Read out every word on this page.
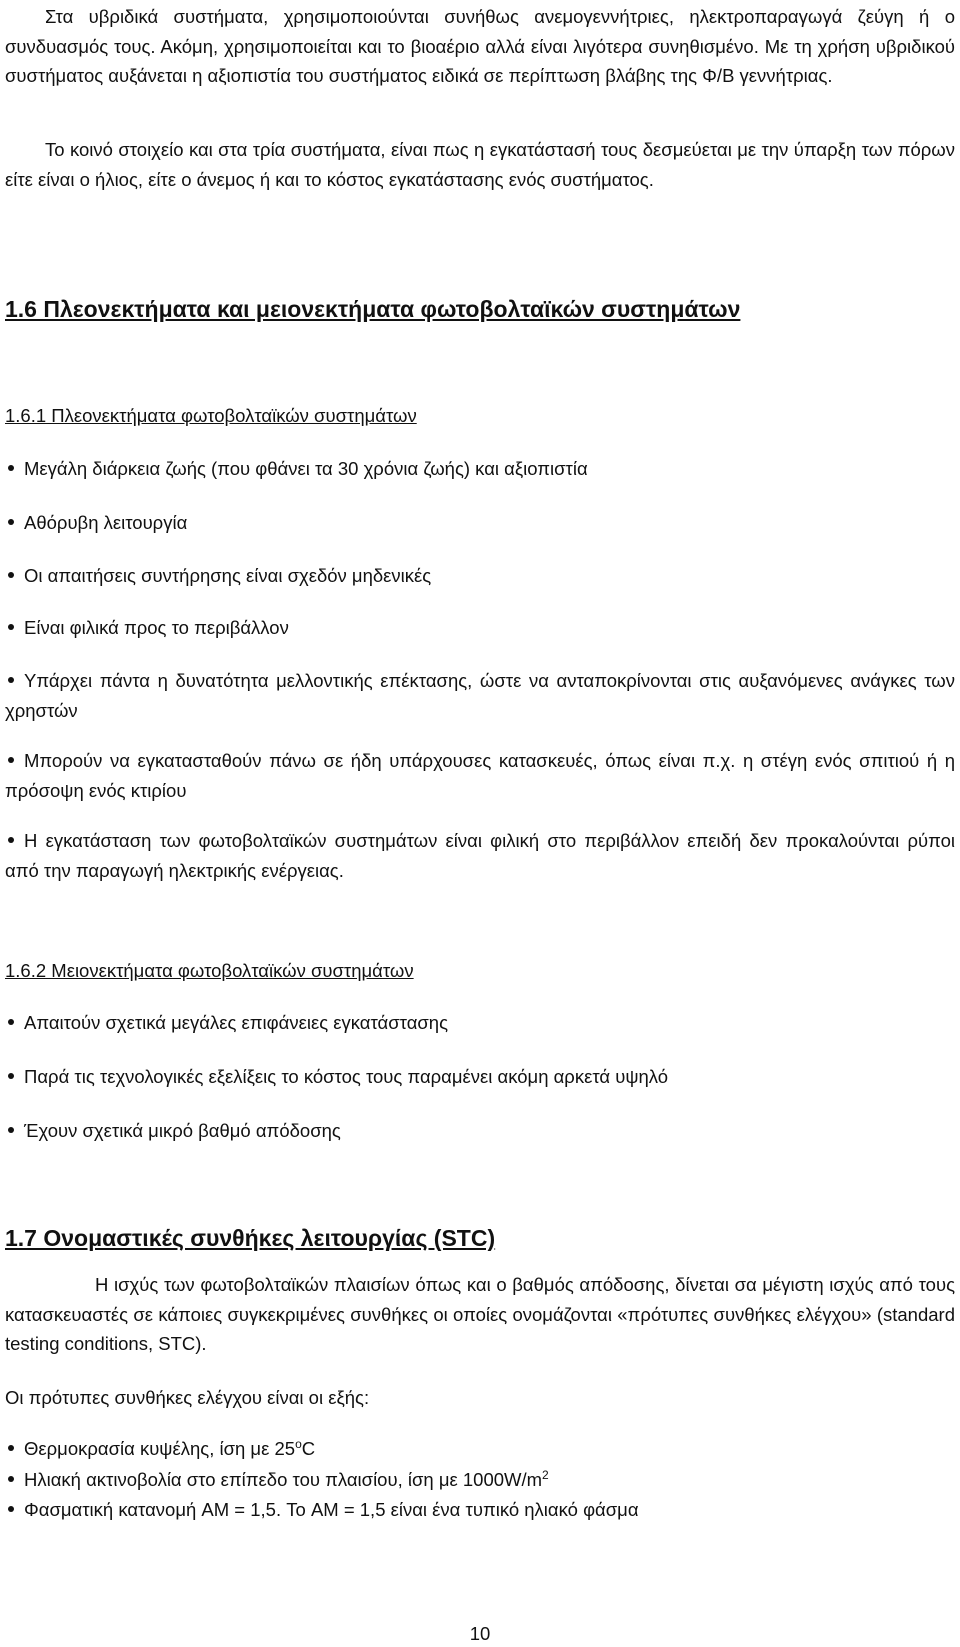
Στα υβριδικά συστήματα, χρησιμοποιούνται συνήθως ανεμογεννήτριες, ηλεκτροπαραγωγά ζεύγη ή ο συνδυασμός τους. Ακόμη, χρησιμοποιείται και το βιοαέριο αλλά είναι λιγότερα συνηθισμένο. Με τη χρήση υβριδικού συστήματος αυξάνεται η αξιοπιστία του συστήματος ειδικά σε περίπτωση βλάβης της Φ/Β γεννήτριας.

Το κοινό στοιχείο και στα τρία συστήματα, είναι πως η εγκατάστασή τους δεσμεύεται με την ύπαρξη των πόρων είτε είναι ο ήλιος, είτε ο άνεμος ή και το κόστος εγκατάστασης ενός συστήματος.

1.6 Πλεονεκτήματα και μειονεκτήματα φωτοβολταϊκών συστημάτων

1.6.1 Πλεονεκτήματα φωτοβολταϊκών συστημάτων

Μεγάλη διάρκεια ζωής (που φθάνει τα 30 χρόνια ζωής) και αξιοπιστία
Αθόρυβη λειτουργία
Οι απαιτήσεις συντήρησης είναι σχεδόν μηδενικές
Είναι φιλικά προς το περιβάλλον
Υπάρχει πάντα η δυνατότητα μελλοντικής επέκτασης, ώστε να ανταποκρίνονται στις αυξανόμενες ανάγκες των χρηστών
Μπορούν να εγκατασταθούν πάνω σε ήδη υπάρχουσες κατασκευές, όπως είναι π.χ. η στέγη ενός σπιτιού ή η πρόσοψη ενός κτιρίου
Η εγκατάσταση των φωτοβολταϊκών συστημάτων είναι φιλική στο περιβάλλον επειδή δεν προκαλούνται ρύποι από την παραγωγή ηλεκτρικής ενέργειας.

1.6.2 Μειονεκτήματα φωτοβολταϊκών συστημάτων

Απαιτούν σχετικά μεγάλες επιφάνειες εγκατάστασης
Παρά τις τεχνολογικές εξελίξεις το κόστος τους παραμένει ακόμη αρκετά υψηλό
Έχουν σχετικά μικρό βαθμό απόδοσης

1.7 Ονομαστικές συνθήκες λειτουργίας (STC)

Η ισχύς των φωτοβολταϊκών πλαισίων όπως και ο βαθμός απόδοσης, δίνεται σα μέγιστη ισχύς από τους κατασκευαστές σε κάποιες συγκεκριμένες συνθήκες οι οποίες ονομάζονται «πρότυπες συνθήκες ελέγχου» (standard testing conditions, STC).

Οι πρότυπες συνθήκες ελέγχου είναι οι εξής:

Θερμοκρασία κυψέλης, ίση με 25$^o$C
Ηλιακή ακτινοβολία στο επίπεδο του πλαισίου, ίση με $1000W/m^2$
Φασματική κατανομή AM = 1,5. Το AM = 1,5 είναι ένα τυπικό ηλιακό φάσμα
10
